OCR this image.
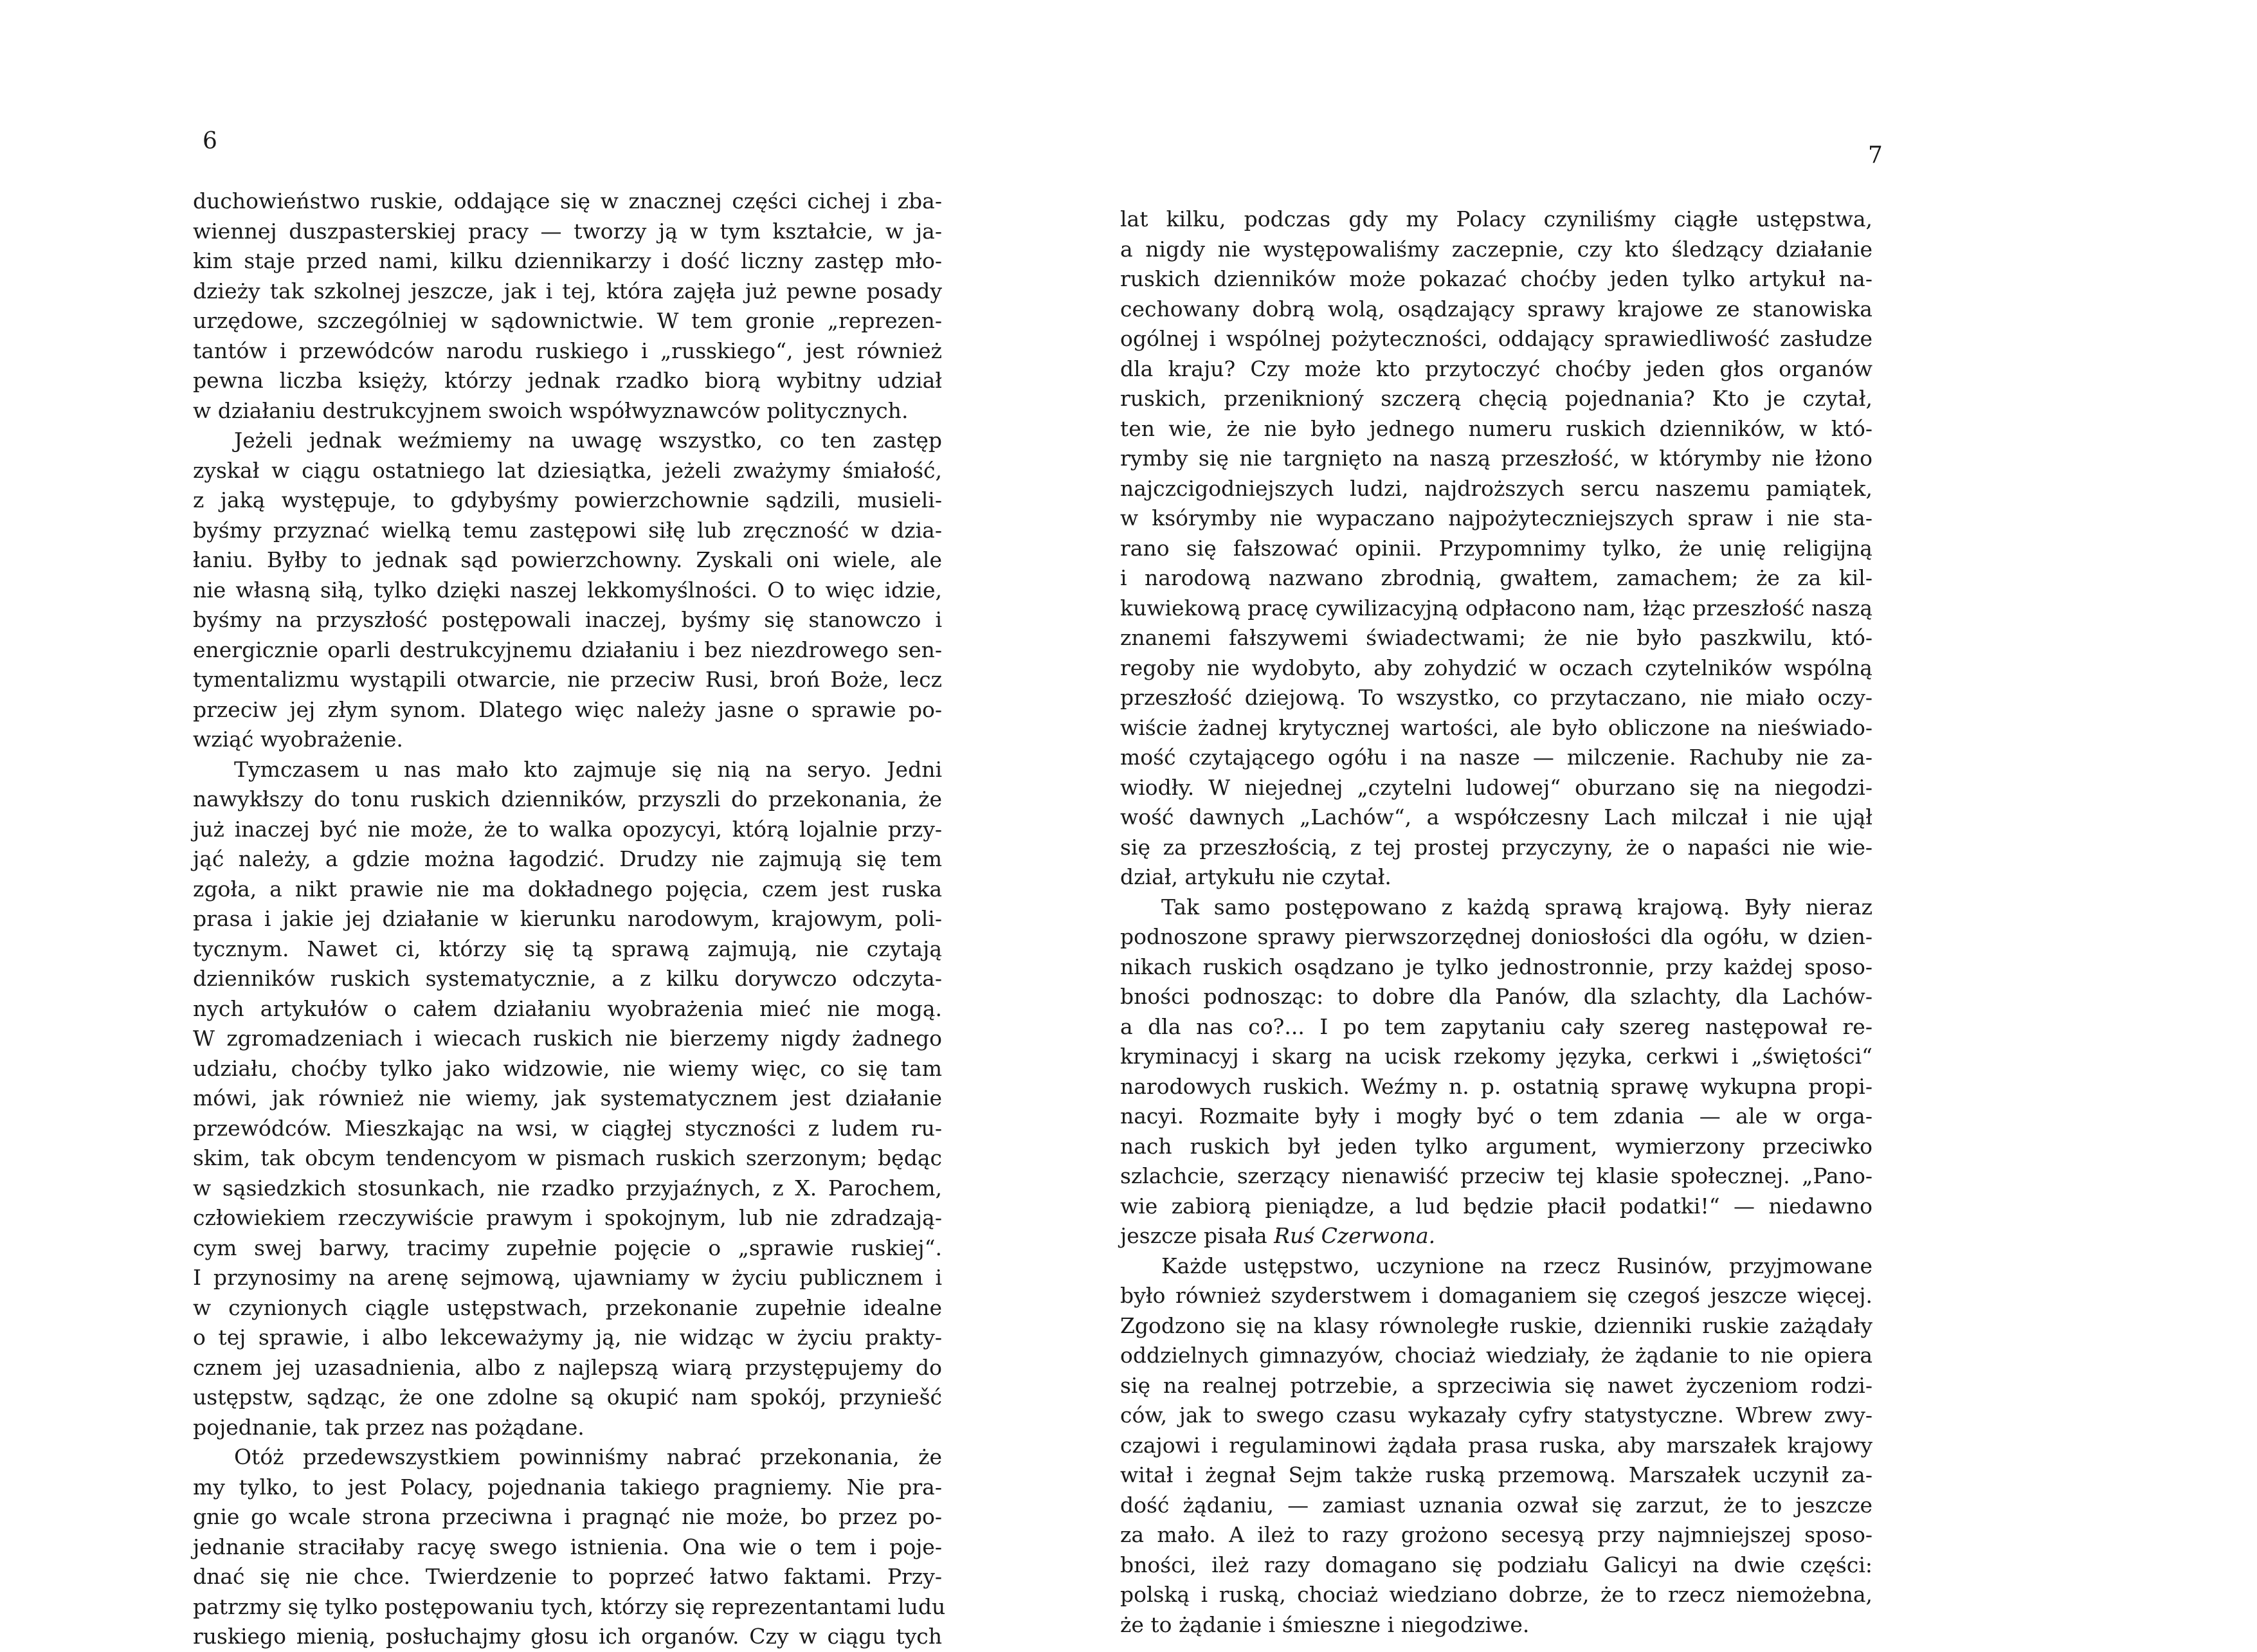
6
duchowieństwo ruskie, oddające się w znacznej części cichej i zba-
wiennej duszpasterskiej pracy — tworzy ją w tym kształcie, w ja-
kim staje przed nami, kilku dziennikarzy i dość liczny zastęp mło-
dzieży tak szkolnej jeszcze, jak i tej, która zajęła już pewne posady
urzędowe, szczególniej w sądownictwie. W tem gronie „reprezen-
tantów i przewódców narodu ruskiego i „russkiego“, jest również
pewna liczba księży, którzy jednak rzadko biorą wybitny udział
w działaniu destrukcyjnem swoich współwyznawców politycznych.
Jeżeli jednak weźmiemy na uwagę wszystko, co ten zastęp
zyskał w ciągu ostatniego lat dziesiątka, jeżeli zważymy śmiałość,
z jaką występuje, to gdybyśmy powierzchownie sądzili, musieli-
byśmy przyznać wielką temu zastępowi siłę lub zręczność w dzia-
łaniu. Byłby to jednak sąd powierzchowny. Zyskali oni wiele, ale
nie własną siłą, tylko dzięki naszej lekkomyślności. O to więc idzie,
byśmy na przyszłość postępowali inaczej, byśmy się stanowczo i
energicznie oparli destrukcyjnemu działaniu i bez niezdrowego sen-
tymentalizmu wystąpili otwarcie, nie przeciw Rusi, broń Boże, lecz
przeciw jej złym synom. Dlatego więc należy jasne o sprawie po-
wziąć wyobrażenie.
Tymczasem u nas mało kto zajmuje się nią na seryo. Jedni
nawykłszy do tonu ruskich dzienników, przyszli do przekonania, że
już inaczej być nie może, że to walka opozycyi, którą lojalnie przy-
jąć należy, a gdzie można łagodzić. Drudzy nie zajmują się tem
zgoła, a nikt prawie nie ma dokładnego pojęcia, czem jest ruska
prasa i jakie jej działanie w kierunku narodowym, krajowym, poli-
tycznym. Nawet ci, którzy się tą sprawą zajmują, nie czytają
dzienników ruskich systematycznie, a z kilku dorywczo odczyta-
nych artykułów o całem działaniu wyobrażenia mieć nie mogą.
W zgromadzeniach i wiecach ruskich nie bierzemy nigdy żadnego
udziału, choćby tylko jako widzowie, nie wiemy więc, co się tam
mówi, jak również nie wiemy, jak systematycznem jest działanie
przewódców. Mieszkając na wsi, w ciągłej styczności z ludem ru-
skim, tak obcym tendencyom w pismach ruskich szerzonym; będąc
w sąsiedzkich stosunkach, nie rzadko przyjaźnych, z X. Parochem,
człowiekiem rzeczywiście prawym i spokojnym, lub nie zdradzają-
cym swej barwy, tracimy zupełnie pojęcie o „sprawie ruskiej“.
I przynosimy na arenę sejmową, ujawniamy w życiu publicznem i
w czynionych ciągle ustępstwach, przekonanie zupełnie idealne
o tej sprawie, i albo lekceważymy ją, nie widząc w życiu prakty-
cznem jej uzasadnienia, albo z najlepszą wiarą przystępujemy do
ustępstw, sądząc, że one zdolne są okupić nam spokój, przyniešć
pojednanie, tak przez nas pożądane.
Otóż przedewszystkiem powinniśmy nabrać przekonania, że
my tylko, to jest Polacy, pojednania takiego pragniemy. Nie pra-
gnie go wcale strona przeciwna i pragnąć nie może, bo przez po-
jednanie straciłaby racyę swego istnienia. Ona wie o tem i poje-
dnać się nie chce. Twierdzenie to poprzeć łatwo faktami. Przy-
patrzmy się tylko postępowaniu tych, którzy się reprezentantami ludu
ruskiego mienią, posłuchajmy głosu ich organów. Czy w ciągu tych
7
lat kilku, podczas gdy my Polacy czyniliśmy ciągłe ustępstwa,
a nigdy nie występowaliśmy zaczepnie, czy kto śledzący działanie
ruskich dzienników może pokazać choćby jeden tylko artykuł na-
cechowany dobrą wolą, osądzający sprawy krajowe ze stanowiska
ogólnej i wspólnej pożyteczności, oddający sprawiedliwość zasłudze
dla kraju? Czy może kto przytoczyć choćby jeden głos organów
ruskich, przeniknioný szczerą chęcią pojednania? Kto je czytał,
ten wie, że nie było jednego numeru ruskich dzienników, w któ-
rymby się nie targnięto na naszą przeszłość, w którymby nie łżono
najczcigodniejszych ludzi, najdroższych sercu naszemu pamiątek,
w ksórymby nie wypaczano najpożyteczniejszych spraw i nie sta-
rano się fałszować opinii. Przypomnimy tylko, że unię religijną
i narodową nazwano zbrodnią, gwałtem, zamachem; że za kil-
kuwiekową pracę cywilizacyjną odpłacono nam, łżąc przeszłość naszą
znanemi fałszywemi świadectwami; że nie było paszkwilu, któ-
regoby nie wydobyto, aby zohydzić w oczach czytelników wspólną
przeszłość dziejową. To wszystko, co przytaczano, nie miało oczy-
wiście żadnej krytycznej wartości, ale było obliczone na nieświado-
mość czytającego ogółu i na nasze — milczenie. Rachuby nie za-
wiodły. W niejednej „czytelni ludowej“ oburzano się na niegodzi-
wość dawnych „Lachów“, a współczesny Lach milczał i nie ujął
się za przeszłością, z tej prostej przyczyny, że o napaści nie wie-
dział, artykułu nie czytał.
Tak samo postępowano z każdą sprawą krajową. Były nieraz
podnoszone sprawy pierwszorzędnej doniosłości dla ogółu, w dzien-
nikach ruskich osądzano je tylko jednostronnie, przy każdej sposo-
bności podnosząc: to dobre dla Panów, dla szlachty, dla Lachów-
a dla nas co?... I po tem zapytaniu cały szereg następował re-
kryminacyj i skarg na ucisk rzekomy języka, cerkwi i „świętości“
narodowych ruskich. Weźmy n. p. ostatnią sprawę wykupna propi-
nacyi. Rozmaite były i mogły być o tem zdania — ale w orga-
nach ruskich był jeden tylko argument, wymierzony przeciwko
szlachcie, szerzący nienawiść przeciw tej klasie społecznej. „Pano-
wie zabiorą pieniądze, a lud będzie płacił podatki!“ — niedawno
jeszcze pisała Ruś Czerwona.
Każde ustępstwo, uczynione na rzecz Rusinów, przyjmowane
było również szyderstwem i domaganiem się czegoś jeszcze więcej.
Zgodzono się na klasy równoległe ruskie, dzienniki ruskie zażądały
oddzielnych gimnazyów, chociaż wiedziały, że żądanie to nie opiera
się na realnej potrzebie, a sprzeciwia się nawet życzeniom rodzi-
ców, jak to swego czasu wykazały cyfry statystyczne. Wbrew zwy-
czajowi i regulaminowi żądała prasa ruska, aby marszałek krajowy
witał i żegnał Sejm także ruską przemową. Marszałek uczynił za-
dość żądaniu, — zamiast uznania ozwał się zarzut, że to jeszcze
za mało. A ileż to razy grożono secesyą przy najmniejszej sposo-
bności, ileż razy domagano się podziału Galicyi na dwie części:
polską i ruską, chociaż wiedziano dobrze, że to rzecz niemożebna,
że to żądanie i śmieszne i niegodziwe.
